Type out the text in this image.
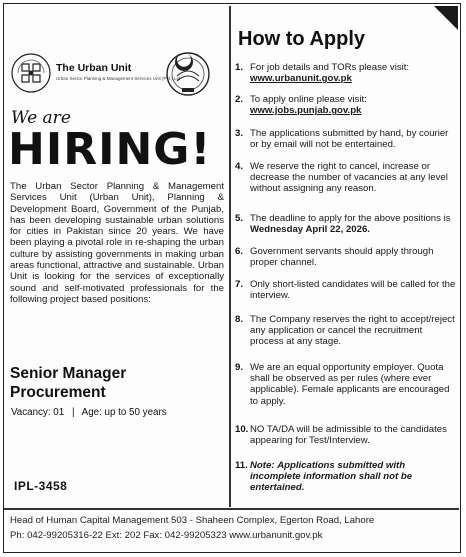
The Urban Unit
Urban Sector Planning & Management Services Unit (Pvt.) Ltd
We are
HIRING!
The Urban Sector Planning & Management Services Unit (Urban Unit), Planning & Development Board, Government of the Punjab, has been developing sustainable urban solutions for cities in Pakistan since 20 years. We have been playing a pivotal role in re-shaping the urban culture by assisting governments in making urban areas functional, attractive and sustainable. Urban Unit is looking for the services of exceptionally sound and self-motivated professionals for the following project based positions:
Senior Manager Procurement
Vacancy: 01 | Age: up to 50 years
IPL-3458
How to Apply
1. For job details and TORs please visit:
www.urbanunit.gov.pk
2. To apply online please visit:
www.jobs.punjab.gov.pk
3. The applications submitted by hand, by courier or by email will not be entertained.
4. We reserve the right to cancel, increase or decrease the number of vacancies at any level without assigning any reason.
5. The deadline to apply for the above positions is Wednesday April 22, 2026.
6. Government servants should apply through proper channel.
7. Only short-listed candidates will be called for the interview.
8. The Company reserves the right to accept/reject any application or cancel the recruitment process at any stage.
9. We are an equal opportunity employer. Quota shall be observed as per rules (where ever applicable). Female applicants are encouraged to apply.
10. NO TA/DA will be admissible to the candidates appearing for Test/Interview.
11. Note: Applications submitted with incomplete information shall not be entertained.
Head of Human Capital Management 503 - Shaheen Complex, Egerton Road, Lahore
Ph: 042-99205316-22 Ext: 202 Fax: 042-99205323 www.urbanunit.gov.pk
